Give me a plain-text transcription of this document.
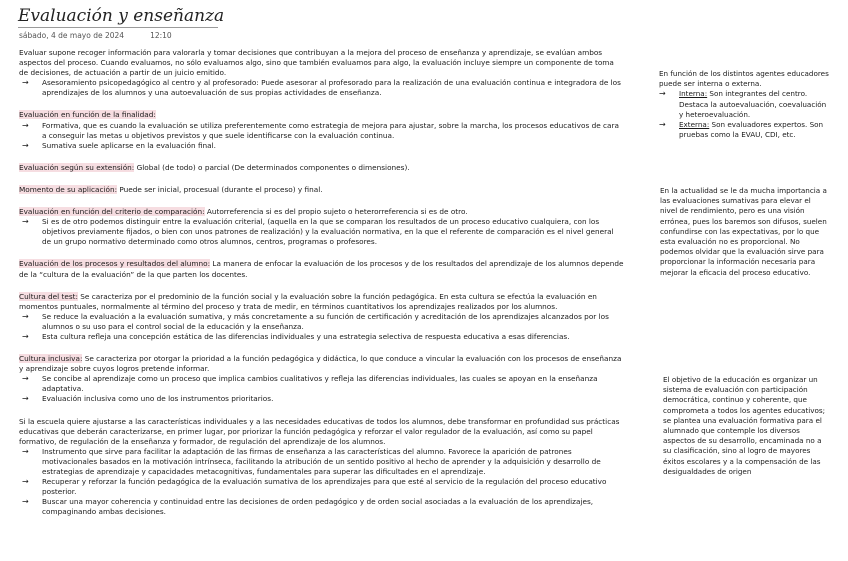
Evaluación y enseñanza
sábado, 4 de mayo de 2024	12:10

Evaluar supone recoger información para valorarla y tomar decisiones que contribuyan a la mejora del proceso de enseñanza y aprendizaje, se evalúan ambos aspectos del proceso. Cuando evaluamos, no sólo evaluamos algo, sino que también evaluamos para algo, la evaluación incluye siempre un componente de toma de decisiones, de actuación a partir de un juicio emitido.

→	Asesoramiento psicopedagógico al centro y al profesorado: Puede asesorar al profesorado para la realización de una evaluación continua e integradora de los aprendizajes de los alumnos y una autoevaluación de sus propias actividades de enseñanza.
Evaluación en función de la finalidad:
→	Formativa, que es cuando la evaluación se utiliza preferentemente como estrategia de mejora para ajustar, sobre la marcha, los procesos educativos de cara a conseguir las metas u objetivos previstos y que suele identificarse con la evaluación continua.
→	Sumativa suele aplicarse en la evaluación final.

Evaluación según su extensión: Global (de todo) o parcial (De determinados componentes o dimensiones).

Momento de su aplicación: Puede ser inicial, procesual (durante el proceso) y final.

Evaluación en función del criterio de comparación: Autorreferencia si es del propio sujeto o heterorreferencia si es de otro.
→	Si es de otro podemos distinguir entre la evaluación criterial, (aquella en la que se comparan los resultados de un proceso educativo cualquiera, con los objetivos previamente fijados, o bien con unos patrones de realización) y la evaluación normativa, en la que el referente de comparación es el nivel general de un grupo normativo determinado como otros alumnos, centros, programas o profesores.

Evaluación de los procesos y resultados del alumno: La manera de enfocar la evaluación de los procesos y de los resultados del aprendizaje de los alumnos depende de la “cultura de la evaluación” de la que parten los docentes.

Cultura del test: Se caracteriza por el predominio de la función social y la evaluación sobre la función pedagógica. En esta cultura se efectúa la evaluación en momentos puntuales, normalmente al término del proceso y trata de medir, en términos cuantitativos los aprendizajes realizados por los alumnos.
→	Se reduce la evaluación a la evaluación sumativa, y más concretamente a su función de certificación y acreditación de los aprendizajes alcanzados por los alumnos o su uso para el control social de la educación y la enseñanza.
→	Esta cultura refleja una concepción estática de las diferencias individuales y una estrategia selectiva de respuesta educativa a esas diferencias.
Cultura inclusiva: Se caracteriza por otorgar la prioridad a la función pedagógica y didáctica, lo que conduce a vincular la evaluación con los procesos de enseñanza y aprendizaje sobre cuyos logros pretende informar.
→	Se concibe al aprendizaje como un proceso que implica cambios cualitativos y refleja las diferencias individuales, las cuales se apoyan en la enseñanza adaptativa.
→	Evaluación inclusiva como uno de los instrumentos prioritarios.
Si la escuela quiere ajustarse a las características individuales y a las necesidades educativas de todos los alumnos, debe transformar en profundidad sus prácticas educativas que deberán caracterizarse, en primer lugar, por priorizar la función pedagógica y reforzar el valor regulador de la evaluación, así como su papel formativo, de regulación de la enseñanza y formador, de regulación del aprendizaje de los alumnos.
→	Instrumento que sirve para facilitar la adaptación de las firmas de enseñanza a las características del alumno. Favorece la aparición de patrones motivacionales basados en la motivación intrínseca, facilitando la atribución de un sentido positivo al hecho de aprender y la adquisición y desarrollo de estrategias de aprendizaje y capacidades metacognitivas, fundamentales para superar las dificultades en el aprendizaje.
→	Recuperar y reforzar la función pedagógica de la evaluación sumativa de los aprendizajes para que esté al servicio de la regulación del proceso educativo posterior.
→	Buscar una mayor coherencia y continuidad entre las decisiones de orden pedagógico y de orden social asociadas a la evaluación de los aprendizajes, compaginando ambas decisiones.
En función de los distintos agentes educadores puede ser interna o externa.
→	Interna: Son integrantes del centro. Destaca la autoevaluación, coevaluación y heteroevaluación.
→	Externa: Son evaluadores expertos. Son pruebas como la EVAU, CDI, etc.
En la actualidad se le da mucha importancia a las evaluaciones sumativas para elevar el nivel de rendimiento, pero es una visión errónea, pues los baremos son difusos, suelen confundirse con las expectativas, por lo que esta evaluación no es proporcional. No podemos olvidar que la evaluación sirve para proporcionar la información necesaria para mejorar la eficacia del proceso educativo.
El objetivo de la educación es organizar un sistema de evaluación con participación democrática, continuo y coherente, que comprometa a todos los agentes educativos; se plantea una evaluación formativa para el alumnado que contemple los diversos aspectos de su desarrollo, encaminada no a su clasificación, sino al logro de mayores éxitos escolares y a la compensación de las desigualdades de origen
